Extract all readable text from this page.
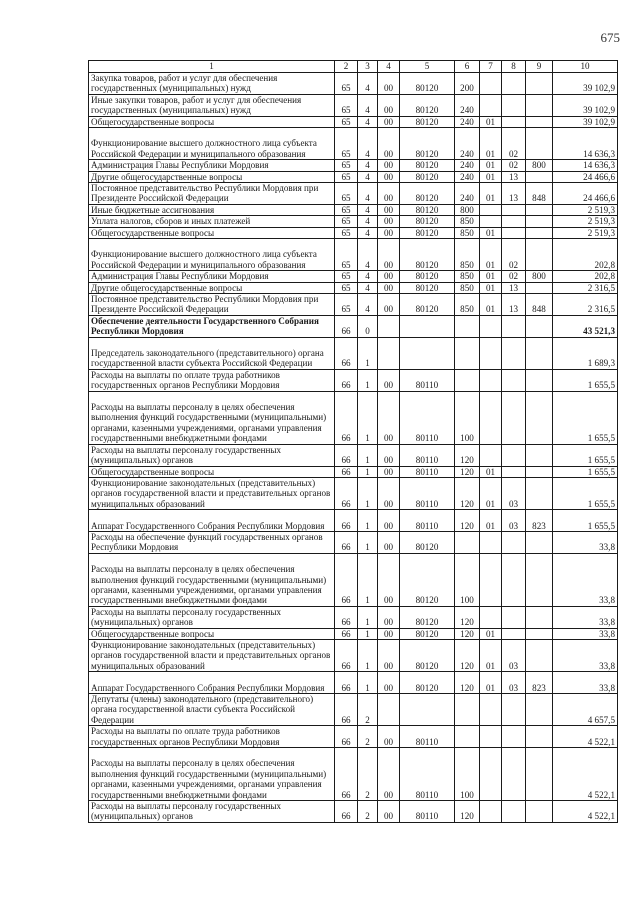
675
1	2	3	4	5	6	7	8	9	10
Закупка товаров, работ и услуг для обеспечения государственных (муниципальных) нужд	65	4	00	80120	200				39 102,9
Иные закупки товаров, работ и услуг для обеспечения государственных (муниципальных) нужд	65	4	00	80120	240				39 102,9
Общегосударственные вопросы	65	4	00	80120	240	01			39 102,9
Функционирование высшего должностного лица субъекта Российской Федерации и муниципального образования	65	4	00	80120	240	01	02		14 636,3
Администрация Главы Республики Мордовия	65	4	00	80120	240	01	02	800	14 636,3
Другие общегосударственные вопросы	65	4	00	80120	240	01	13		24 466,6
Постоянное представительство Республики Мордовия при Президенте Российской Федерации	65	4	00	80120	240	01	13	848	24 466,6
Иные бюджетные ассигнования	65	4	00	80120	800				2 519,3
Уплата налогов, сборов и иных платежей	65	4	00	80120	850				2 519,3
Общегосударственные вопросы	65	4	00	80120	850	01			2 519,3
Функционирование высшего должностного лица субъекта Российской Федерации и муниципального образования	65	4	00	80120	850	01	02		202,8
Администрация Главы Республики Мордовия	65	4	00	80120	850	01	02	800	202,8
Другие общегосударственные вопросы	65	4	00	80120	850	01	13		2 316,5
Постоянное представительство Республики Мордовия при Президенте Российской Федерации	65	4	00	80120	850	01	13	848	2 316,5
Обеспечение деятельности Государственного Собрания Республики Мордовия	66	0							43 521,3
Председатель законодательного (представительного) органа государственной власти субъекта Российской Федерации	66	1							1 689,3
Расходы на выплаты по оплате труда работников государственных органов Республики Мордовия	66	1	00	80110					1 655,5
Расходы на выплаты персоналу в целях обеспечения выполнения функций государственными (муниципальными) органами, казенными учреждениями, органами управления государственными внебюджетными фондами	66	1	00	80110	100				1 655,5
Расходы на выплаты персоналу государственных (муниципальных) органов	66	1	00	80110	120				1 655,5
Общегосударственные вопросы	66	1	00	80110	120	01			1 655,5
Функционирование законодательных (представительных) органов государственной власти и представительных органов муниципальных образований	66	1	00	80110	120	01	03		1 655,5
Аппарат Государственного Собрания Республики Мордовия	66	1	00	80110	120	01	03	823	1 655,5
Расходы на обеспечение функций государственных органов Республики Мордовия	66	1	00	80120					33,8
Расходы на выплаты персоналу в целях обеспечения выполнения функций государственными (муниципальными) органами, казенными учреждениями, органами управления государственными внебюджетными фондами	66	1	00	80120	100				33,8
Расходы на выплаты персоналу государственных (муниципальных) органов	66	1	00	80120	120				33,8
Общегосударственные вопросы	66	1	00	80120	120	01			33,8
Функционирование законодательных (представительных) органов государственной власти и представительных органов муниципальных образований	66	1	00	80120	120	01	03		33,8
Аппарат Государственного Собрания Республики Мордовия	66	1	00	80120	120	01	03	823	33,8
Депутаты (члены) законодательного (представительного) органа государственной власти субъекта Российской Федерации	66	2							4 657,5
Расходы на выплаты по оплате труда работников государственных органов Республики Мордовия	66	2	00	80110					4 522,1
Расходы на выплаты персоналу в целях обеспечения выполнения функций государственными (муниципальными) органами, казенными учреждениями, органами управления государственными внебюджетными фондами	66	2	00	80110	100				4 522,1
Расходы на выплаты персоналу государственных (муниципальных) органов	66	2	00	80110	120				4 522,1
